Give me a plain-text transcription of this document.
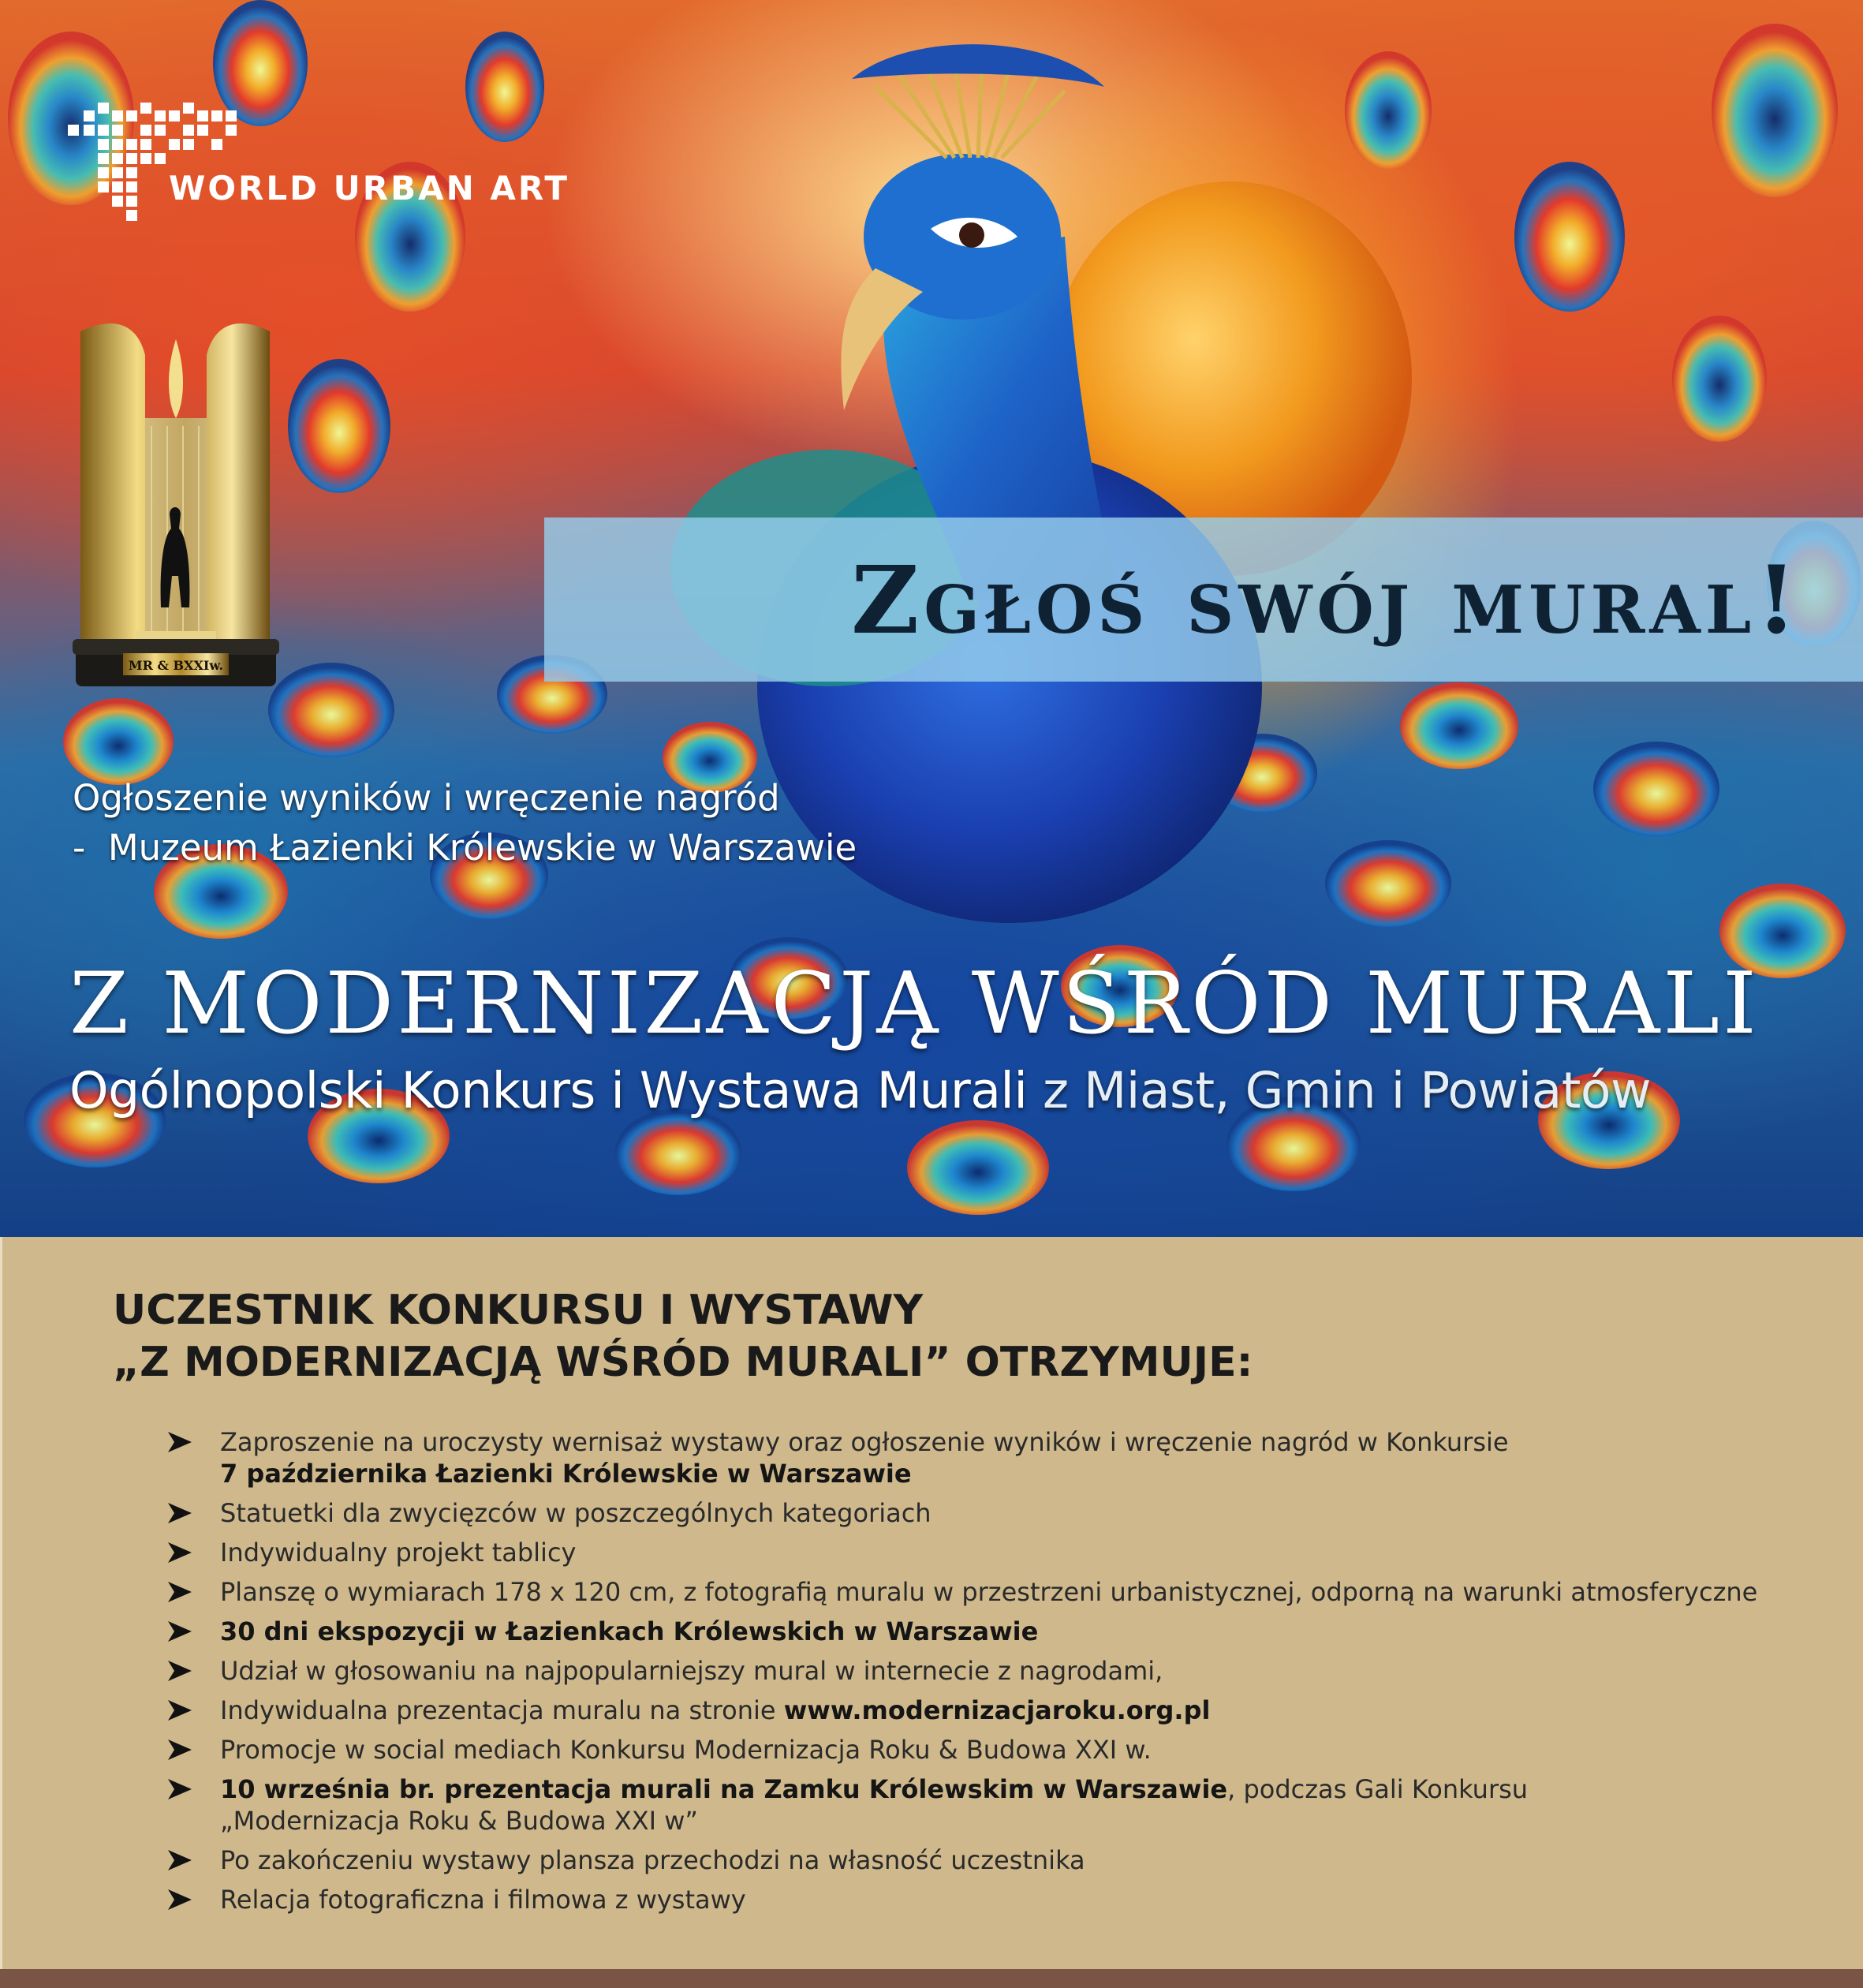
WORLD URBAN ART
MR & BXXIw.
Zgłoś swój mural!
Ogłoszenie wyników i wręczenie nagród
-  Muzeum Łazienki Królewskie w Warszawie
Z MODERNIZACJĄ WŚRÓD MURALI
Ogólnopolski Konkurs i Wystawa Murali z Miast, Gmin i Powiatów
UCZESTNIK KONKURSU I WYSTAWY
„Z MODERNIZACJĄ WŚRÓD MURALI” OTRZYMUJE:
Zaproszenie na uroczysty wernisaż wystawy oraz ogłoszenie wyników i wręczenie nagród w Konkursie
7 października Łazienki Królewskie w Warszawie
Statuetki dla zwycięzców w poszczególnych kategoriach
Indywidualny projekt tablicy
Planszę o wymiarach 178 x 120 cm, z fotografią muralu w przestrzeni urbanistycznej, odporną na warunki atmosferyczne
30 dni ekspozycji w Łazienkach Królewskich w Warszawie
Udział w głosowaniu na najpopularniejszy mural w internecie z nagrodami,
Indywidualna prezentacja muralu na stronie www.modernizacjaroku.org.pl
Promocje w social mediach Konkursu Modernizacja Roku & Budowa XXI w.
10 września br. prezentacja murali na Zamku Królewskim w Warszawie, podczas Gali Konkursu
„Modernizacja Roku & Budowa XXI w”
Po zakończeniu wystawy plansza przechodzi na własność uczestnika
Relacja fotograficzna i filmowa z wystawy
